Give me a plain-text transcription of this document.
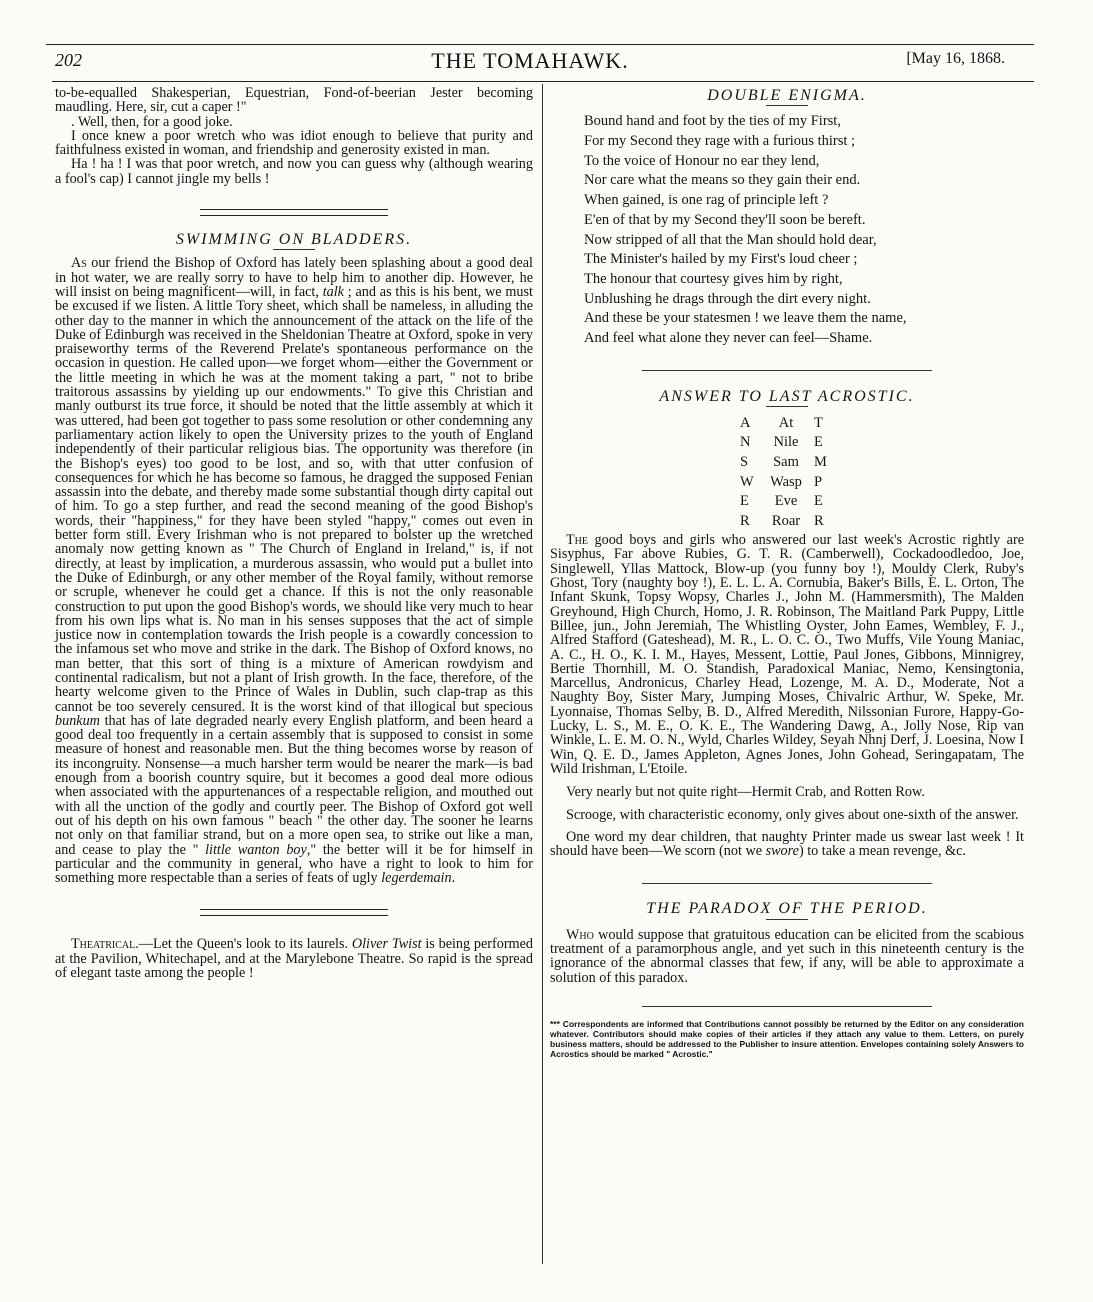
202	THE TOMAHAWK.	[May 16, 1868.

to-be-equalled Shakesperian, Equestrian, Fond-of-beerian Jester becoming maudling. Here, sir, cut a caper !"

. Well, then, for a good joke.

I once knew a poor wretch who was idiot enough to believe that purity and faithfulness existed in woman, and friendship and generosity existed in man.

Ha ! ha ! I was that poor wretch, and now you can guess why (although wearing a fool's cap) I cannot jingle my bells !

SWIMMING ON BLADDERS.

As our friend the Bishop of Oxford has lately been splashing about a good deal in hot water, we are really sorry to have to help him to another dip. However, he will insist on being magnificent—will, in fact, talk ; and as this is his bent, we must be excused if we listen. A little Tory sheet, which shall be nameless, in alluding the other day to the manner in which the announcement of the attack on the life of the Duke of Edinburgh was received in the Sheldonian Theatre at Oxford, spoke in very praiseworthy terms of the Reverend Prelate's spontaneous performance on the occasion in question. He called upon—we forget whom—either the Government or the little meeting in which he was at the moment taking a part, " not to bribe traitorous assassins by yielding up our endowments." To give this Christian and manly outburst its true force, it should be noted that the little assembly at which it was uttered, had been got together to pass some resolution or other condemning any parliamentary action likely to open the University prizes to the youth of England independently of their particular religious bias. The opportunity was therefore (in the Bishop's eyes) too good to be lost, and so, with that utter confusion of consequences for which he has become so famous, he dragged the supposed Fenian assassin into the debate, and thereby made some substantial though dirty capital out of him. To go a step further, and read the second meaning of the good Bishop's words, their "happiness," for they have been styled "happy," comes out even in better form still. Every Irishman who is not prepared to bolster up the wretched anomaly now getting known as " The Church of England in Ireland," is, if not directly, at least by implication, a murderous assassin, who would put a bullet into the Duke of Edinburgh, or any other member of the Royal family, without remorse or scruple, whenever he could get a chance. If this is not the only reasonable construction to put upon the good Bishop's words, we should like very much to hear from his own lips what is. No man in his senses supposes that the act of simple justice now in contemplation towards the Irish people is a cowardly concession to the infamous set who move and strike in the dark. The Bishop of Oxford knows, no man better, that this sort of thing is a mixture of American rowdyism and continental radicalism, but not a plant of Irish growth. In the face, therefore, of the hearty welcome given to the Prince of Wales in Dublin, such clap-trap as this cannot be too severely censured. It is the worst kind of that illogical but specious bunkum that has of late degraded nearly every English platform, and been heard a good deal too frequently in a certain assembly that is supposed to consist in some measure of honest and reasonable men. But the thing becomes worse by reason of its incongruity. Nonsense—a much harsher term would be nearer the mark—is bad enough from a boorish country squire, but it becomes a good deal more odious when associated with the appurtenances of a respectable religion, and mouthed out with all the unction of the godly and courtly peer. The Bishop of Oxford got well out of his depth on his own famous " beach " the other day. The sooner he learns not only on that familiar strand, but on a more open sea, to strike out like a man, and cease to play the " little wanton boy," the better will it be for himself in particular and the community in general, who have a right to look to him for something more respectable than a series of feats of ugly legerdemain.

Theatrical.—Let the Queen's look to its laurels. Oliver Twist is being performed at the Pavilion, Whitechapel, and at the Marylebone Theatre. So rapid is the spread of elegant taste among the people !

DOUBLE ENIGMA.
Bound hand and foot by the ties of my First,
For my Second they rage with a furious thirst ;
To the voice of Honour no ear they lend,
Nor care what the means so they gain their end.
When gained, is one rag of principle left ?
E'en of that by my Second they'll soon be bereft.
Now stripped of all that the Man should hold dear,
The Minister's hailed by my First's loud cheer ;
The honour that courtesy gives him by right,
Unblushing he drags through the dirt every night.
And these be your statesmen ! we leave them the name,
And feel what alone they never can feel—Shame.
ANSWER TO LAST ACROSTIC.
A	At	T
N	Nile	E
S	Sam	M
W	Wasp	P
E	Eve	E
R	Roar	R

The good boys and girls who answered our last week's Acrostic rightly are Sisyphus, Far above Rubies, G. T. R. (Camberwell), Cockadoodledoo, Joe, Singlewell, Yllas Mattock, Blow-up (you funny boy !), Mouldy Clerk, Ruby's Ghost, Tory (naughty boy !), E. L. L. A. Cornubia, Baker's Bills, E. L. Orton, The Infant Skunk, Topsy Wopsy, Charles J., John M. (Hammersmith), The Malden Greyhound, High Church, Homo, J. R. Robinson, The Maitland Park Puppy, Little Billee, jun., John Jeremiah, The Whistling Oyster, John Eames, Wembley, F. J., Alfred Stafford (Gateshead), M. R., L. O. C. O., Two Muffs, Vile Young Maniac, A. C., H. O., K. I. M., Hayes, Messent, Lottie, Paul Jones, Gibbons, Minnigrey, Bertie Thornhill, M. O. Standish, Paradoxical Maniac, Nemo, Kensingtonia, Marcellus, Andronicus, Charley Head, Lozenge, M. A. D., Moderate, Not a Naughty Boy, Sister Mary, Jumping Moses, Chivalric Arthur, W. Speke, Mr. Lyonnaise, Thomas Selby, B. D., Alfred Meredith, Nilssonian Furore, Happy-Go-Lucky, L. S., M. E., O. K. E., The Wandering Dawg, A., Jolly Nose, Rip van Winkle, L. E. M. O. N., Wyld, Charles Wildey, Seyah Nhnj Derf, J. Loesina, Now I Win, Q. E. D., James Appleton, Agnes Jones, John Gohead, Seringapatam, The Wild Irishman, L'Etoile.

Very nearly but not quite right—Hermit Crab, and Rotten Row.

Scrooge, with characteristic economy, only gives about one-sixth of the answer.

One word my dear children, that naughty Printer made us swear last week ! It should have been—We scorn (not we swore) to take a mean revenge, &c.

THE PARADOX OF THE PERIOD.

Who would suppose that gratuitous education can be elicited from the scabious treatment of a paramorphous angle, and yet such in this nineteenth century is the ignorance of the abnormal classes that few, if any, will be able to approximate a solution of this paradox.

*** Correspondents are informed that Contributions cannot possibly be returned by the Editor on any consideration whatever. Contributors should make copies of their articles if they attach any value to them. Letters, on purely business matters, should be addressed to the Publisher to insure attention. Envelopes containing solely Answers to Acrostics should be marked " Acrostic."
